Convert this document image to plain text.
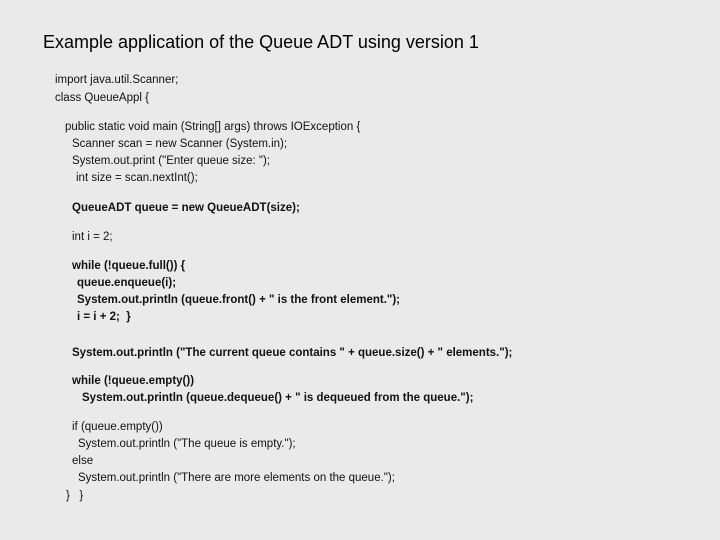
Example application of the Queue ADT using version 1
import java.util.Scanner;
class QueueAppl {
public static void main (String[] args) throws IOException {
Scanner scan = new Scanner (System.in);
System.out.print ("Enter queue size: ");
int size = scan.nextInt();
QueueADT queue = new QueueADT(size);
int i = 2;
while (!queue.full()) {
queue.enqueue(i);
System.out.println (queue.front() + " is the front element.");
i = i + 2;  }
System.out.println ("The current queue contains " + queue.size() + " elements.");
while (!queue.empty())
System.out.println (queue.dequeue() + " is dequeued from the queue.");
if (queue.empty())
System.out.println ("The queue is empty.");
else
System.out.println ("There are more elements on the queue.");
}   }
